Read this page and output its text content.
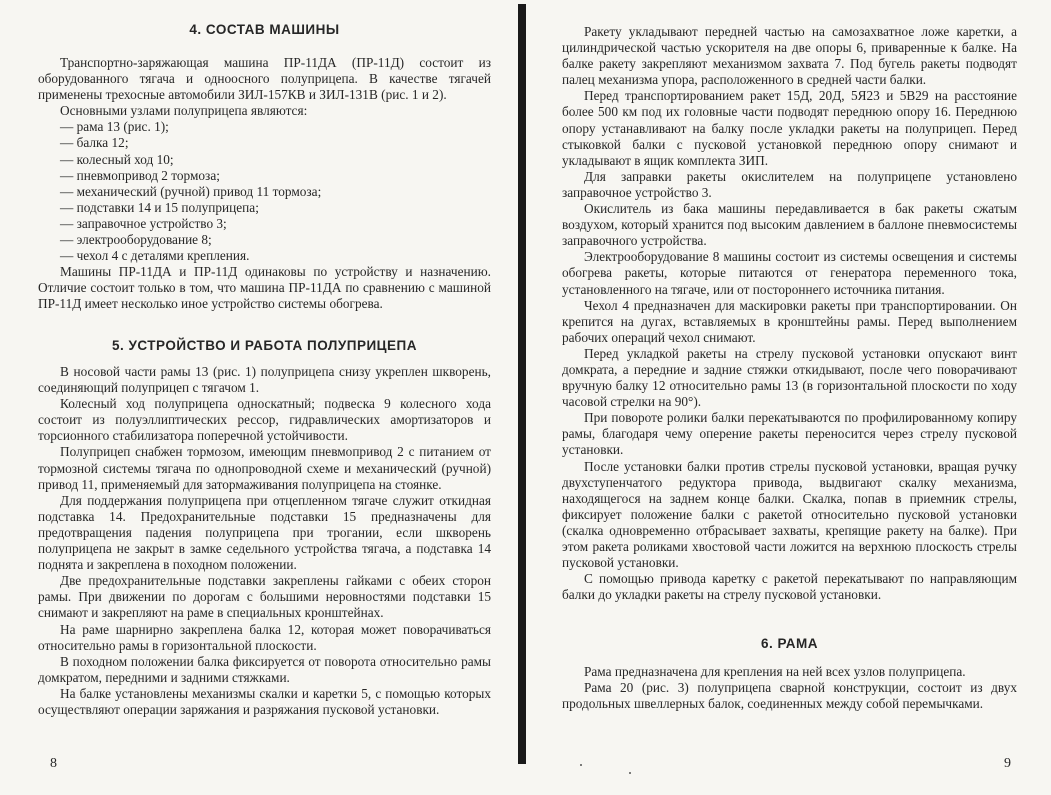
4. СОСТАВ МАШИНЫ

Транспортно-заряжающая машина ПР-11ДА (ПР-11Д) состоит из оборудованного тягача и одноосного полуприцепа. В качестве тягачей применены трехосные автомобили ЗИЛ-157КВ и ЗИЛ-131В (рис. 1 и 2).

Основными узлами полуприцепа являются:

— рама 13 (рис. 1);
— балка 12;
— колесный ход 10;
— пневмопривод 2 тормоза;
— механический (ручной) привод 11 тормоза;
— подставки 14 и 15 полуприцепа;
— заправочное устройство 3;
— электрооборудование 8;
— чехол 4 с деталями крепления.

Машины ПР-11ДА и ПР-11Д одинаковы по устройству и назначению. Отличие состоит только в том, что машина ПР-11ДА по сравнению с машиной ПР-11Д имеет несколько иное устройство системы обогрева.

5. УСТРОЙСТВО И РАБОТА ПОЛУПРИЦЕПА

В носовой части рамы 13 (рис. 1) полуприцепа снизу укреплен шкворень, соединяющий полуприцеп с тягачом 1.

Колесный ход полуприцепа односкатный; подвеска 9 колесного хода состоит из полуэллиптических рессор, гидравлических амортизаторов и торсионного стабилизатора поперечной устойчивости.

Полуприцеп снабжен тормозом, имеющим пневмопривод 2 с питанием от тормозной системы тягача по однопроводной схеме и механический (ручной) привод 11, применяемый для затормаживания полуприцепа на стоянке.

Для поддержания полуприцепа при отцепленном тягаче служит откидная подставка 14. Предохранительные подставки 15 предназначены для предотвращения падения полуприцепа при трогании, если шкворень полуприцепа не закрыт в замке седельного устройства тягача, а подставка 14 поднята и закреплена в походном положении.

Две предохранительные подставки закреплены гайками с обеих сторон рамы. При движении по дорогам с большими неровностями подставки 15 снимают и закрепляют на раме в специальных кронштейнах.

На раме шарнирно закреплена балка 12, которая может поворачиваться относительно рамы в горизонтальной плоскости.

В походном положении балка фиксируется от поворота относительно рамы домкратом, передними и задними стяжками.

На балке установлены механизмы скалки и каретки 5, с помощью которых осуществляют операции заряжания и разряжания пусковой установки.

8

Ракету укладывают передней частью на самозахватное ложе каретки, а цилиндрической частью ускорителя на две опоры 6, приваренные к балке. На балке ракету закрепляют механизмом захвата 7. Под бугель ракеты подводят палец механизма упора, расположенного в средней части балки.

Перед транспортированием ракет 15Д, 20Д, 5Я23 и 5В29 на расстояние более 500 км под их головные части подводят переднюю опору 16. Переднюю опору устанавливают на балку после укладки ракеты на полуприцеп. Перед стыковкой балки с пусковой установкой переднюю опору снимают и укладывают в ящик комплекта ЗИП.

Для заправки ракеты окислителем на полуприцепе установлено заправочное устройство 3.

Окислитель из бака машины передавливается в бак ракеты сжатым воздухом, который хранится под высоким давлением в баллоне пневмосистемы заправочного устройства.

Электрооборудование 8 машины состоит из системы освещения и системы обогрева ракеты, которые питаются от генератора переменного тока, установленного на тягаче, или от постороннего источника питания.

Чехол 4 предназначен для маскировки ракеты при транспортировании. Он крепится на дугах, вставляемых в кронштейны рамы. Перед выполнением рабочих операций чехол снимают.

Перед укладкой ракеты на стрелу пусковой установки опускают винт домкрата, а передние и задние стяжки откидывают, после чего поворачивают вручную балку 12 относительно рамы 13 (в горизонтальной плоскости по ходу часовой стрелки на 90°).

При повороте ролики балки перекатываются по профилированному копиру рамы, благодаря чему оперение ракеты переносится через стрелу пусковой установки.

После установки балки против стрелы пусковой установки, вращая ручку двухступенчатого редуктора привода, выдвигают скалку механизма, находящегося на заднем конце балки. Скалка, попав в приемник стрелы, фиксирует положение балки с ракетой относительно пусковой установки (скалка одновременно отбрасывает захваты, крепящие ракету на балке). При этом ракета роликами хвостовой части ложится на верхнюю плоскость стрелы пусковой установки.

С помощью привода каретку с ракетой перекатывают по направляющим балки до укладки ракеты на стрелу пусковой установки.

6. РАМА

Рама предназначена для крепления на ней всех узлов полуприцепа.

Рама 20 (рис. 3) полуприцепа сварной конструкции, состоит из двух продольных швеллерных балок, соединенных между собой перемычками.

9
